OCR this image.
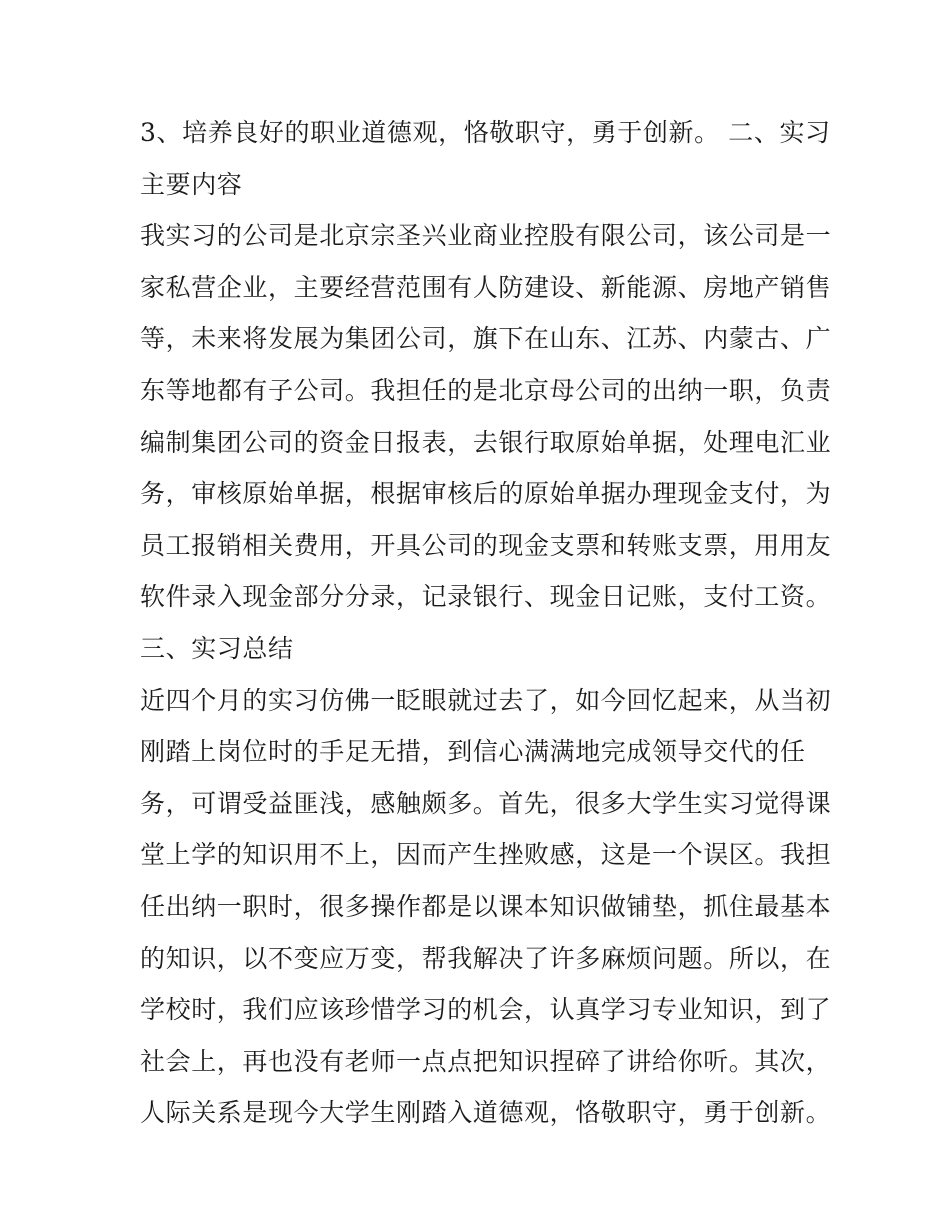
3、培养良好的职业道德观，恪敬职守，勇于创新。 二、实习
主要内容
我实习的公司是北京宗圣兴业商业控股有限公司，该公司是一
家私营企业，主要经营范围有人防建设、新能源、房地产销售
等，未来将发展为集团公司，旗下在山东、江苏、内蒙古、广
东等地都有子公司。我担任的是北京母公司的出纳一职，负责
编制集团公司的资金日报表，去银行取原始单据，处理电汇业
务，审核原始单据，根据审核后的原始单据办理现金支付，为
员工报销相关费用，开具公司的现金支票和转账支票，用用友
软件录入现金部分分录，记录银行、现金日记账，支付工资。
三、实习总结
近四个月的实习仿佛一眨眼就过去了，如今回忆起来，从当初
刚踏上岗位时的手足无措，到信心满满地完成领导交代的任
务，可谓受益匪浅，感触颇多。首先，很多大学生实习觉得课
堂上学的知识用不上，因而产生挫败感，这是一个误区。我担
任出纳一职时，很多操作都是以课本知识做铺垫，抓住最基本
的知识，以不变应万变，帮我解决了许多麻烦问题。所以，在
学校时，我们应该珍惜学习的机会，认真学习专业知识，到了
社会上，再也没有老师一点点把知识捏碎了讲给你听。其次，
人际关系是现今大学生刚踏入道德观，恪敬职守，勇于创新。
